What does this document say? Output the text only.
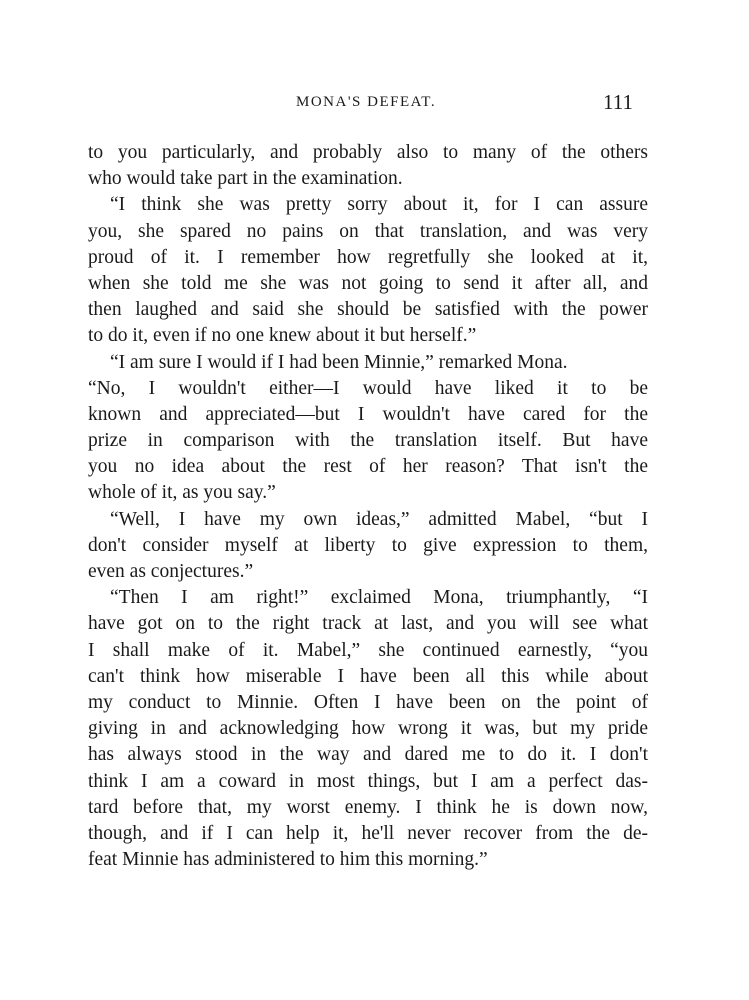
MONA'S DEFEAT.	111
to you particularly, and probably also to many of the others
who would take part in the examination.
“I think she was pretty sorry about it, for I can assure
you, she spared no pains on that translation, and was very
proud of it. I remember how regretfully she looked at it,
when she told me she was not going to send it after all, and
then laughed and said she should be satisfied with the power
to do it, even if no one knew about it but herself.”
“I am sure I would if I had been Minnie,” remarked Mona.
“No, I wouldn't either—I would have liked it to be
known and appreciated—but I wouldn't have cared for the
prize in comparison with the translation itself. But have
you no idea about the rest of her reason? That isn't the
whole of it, as you say.”
“Well, I have my own ideas,” admitted Mabel, “but I
don't consider myself at liberty to give expression to them,
even as conjectures.”
“Then I am right!” exclaimed Mona, triumphantly, “I
have got on to the right track at last, and you will see what
I shall make of it. Mabel,” she continued earnestly, “you
can't think how miserable I have been all this while about
my conduct to Minnie. Often I have been on the point of
giving in and acknowledging how wrong it was, but my pride
has always stood in the way and dared me to do it. I don't
think I am a coward in most things, but I am a perfect das-
tard before that, my worst enemy. I think he is down now,
though, and if I can help it, he'll never recover from the de-
feat Minnie has administered to him this morning.”
